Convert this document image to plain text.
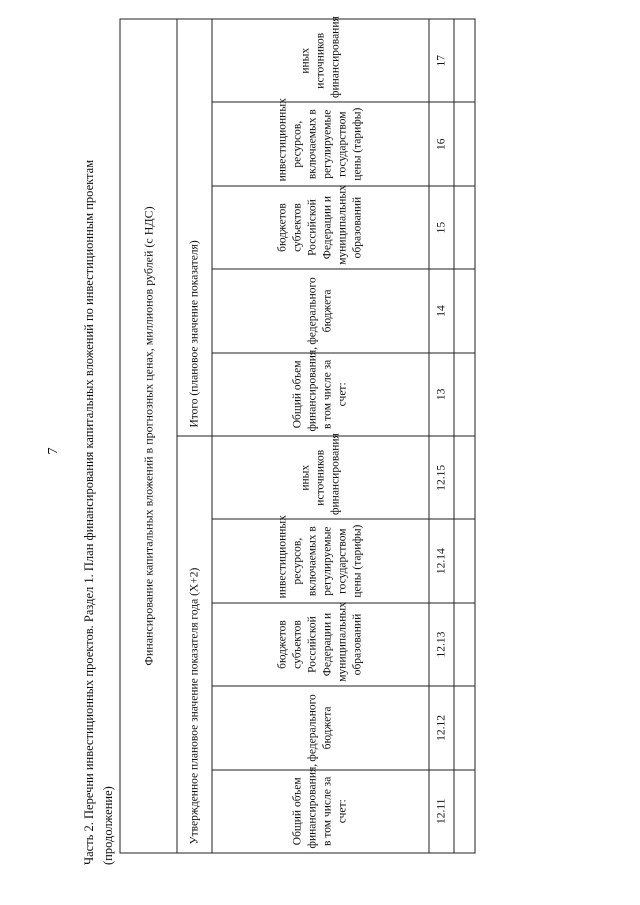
7 Часть 2. Перечни инвестиционных проектов. Раздел 1. План финансирования капитальных вложений по инвестиционным проектам (продолжение)
Финансирование капитальных вложений в прогнозных ценах, миллионов рублей (с НДС)									
Утвержденное плановое значение показателя года (X+2)					Итого (плановое значение показателя)				
Общий объем финансирования, в том числе за счет:	федерального бюджета	бюджетов субъектов Российской Федерации и муниципальных образований	инвестиционных ресурсов, включаемых в регулируемые государством цены (тарифы)	иных источников финансирования	Общий объем финансирования, в том числе за счет:	федерального бюджета	бюджетов субъектов Российской Федерации и муниципальных образований	инвестиционных ресурсов, включаемых в регулируемые государством цены (тарифы)	иных источников финансирования
12.11	12.12	12.13	12.14	12.15	13	14	15	16	17
